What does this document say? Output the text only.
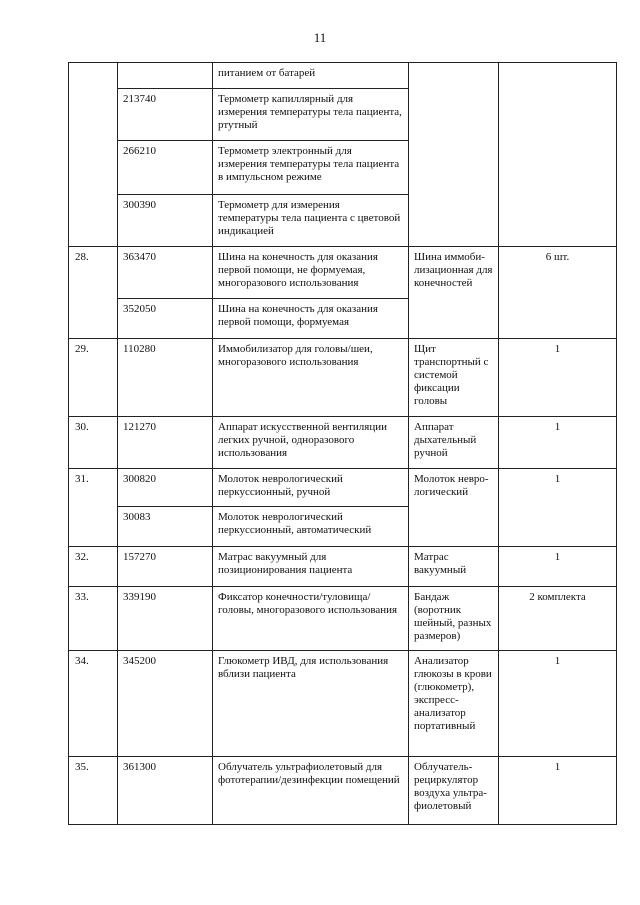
11
		питанием от батарей		
	213740	Термометр капиллярный для измерения температуры тела пациента, ртутный		
	266210	Термометр электронный для измерения температуры тела пациента в импульсном режиме		
	300390	Термометр для измерения температуры тела пациента с цветовой индикацией		
28.	363470	Шина на конечность для оказания первой помощи, не формуемая, многоразового использования	Шина иммоби-лизационная для конечностей	6 шт.
	352050	Шина на конечность для оказания первой помощи, формуемая		
29.	110280	Иммобилизатор для головы/шеи, многоразового использования	Щит транспортный с системой фиксации головы	1
30.	121270	Аппарат искусственной вентиляции легких ручной, одноразового использования	Аппарат дыхательный ручной	1
31.	300820	Молоток неврологический перкуссионный, ручной	Молоток невро-логический	1
	30083	Молоток неврологический перкуссионный, автоматический		
32.	157270	Матрас вакуумный для позиционирования пациента	Матрас вакуумный	1
33.	339190	Фиксатор конечности/туловища/головы, многоразового использования	Бандаж (воротник шейный, разных размеров)	2 комплекта
34.	345200	Глюкометр ИВД, для использования вблизи пациента	Анализатор глюкозы в крови (глюкометр), экспресс-анализатор портативный	1
35.	361300	Облучатель ультрафиолетовый для фототерапии/дезинфекции помещений	Облучатель-рециркулятор воздуха ультра-фиолетовый	1
